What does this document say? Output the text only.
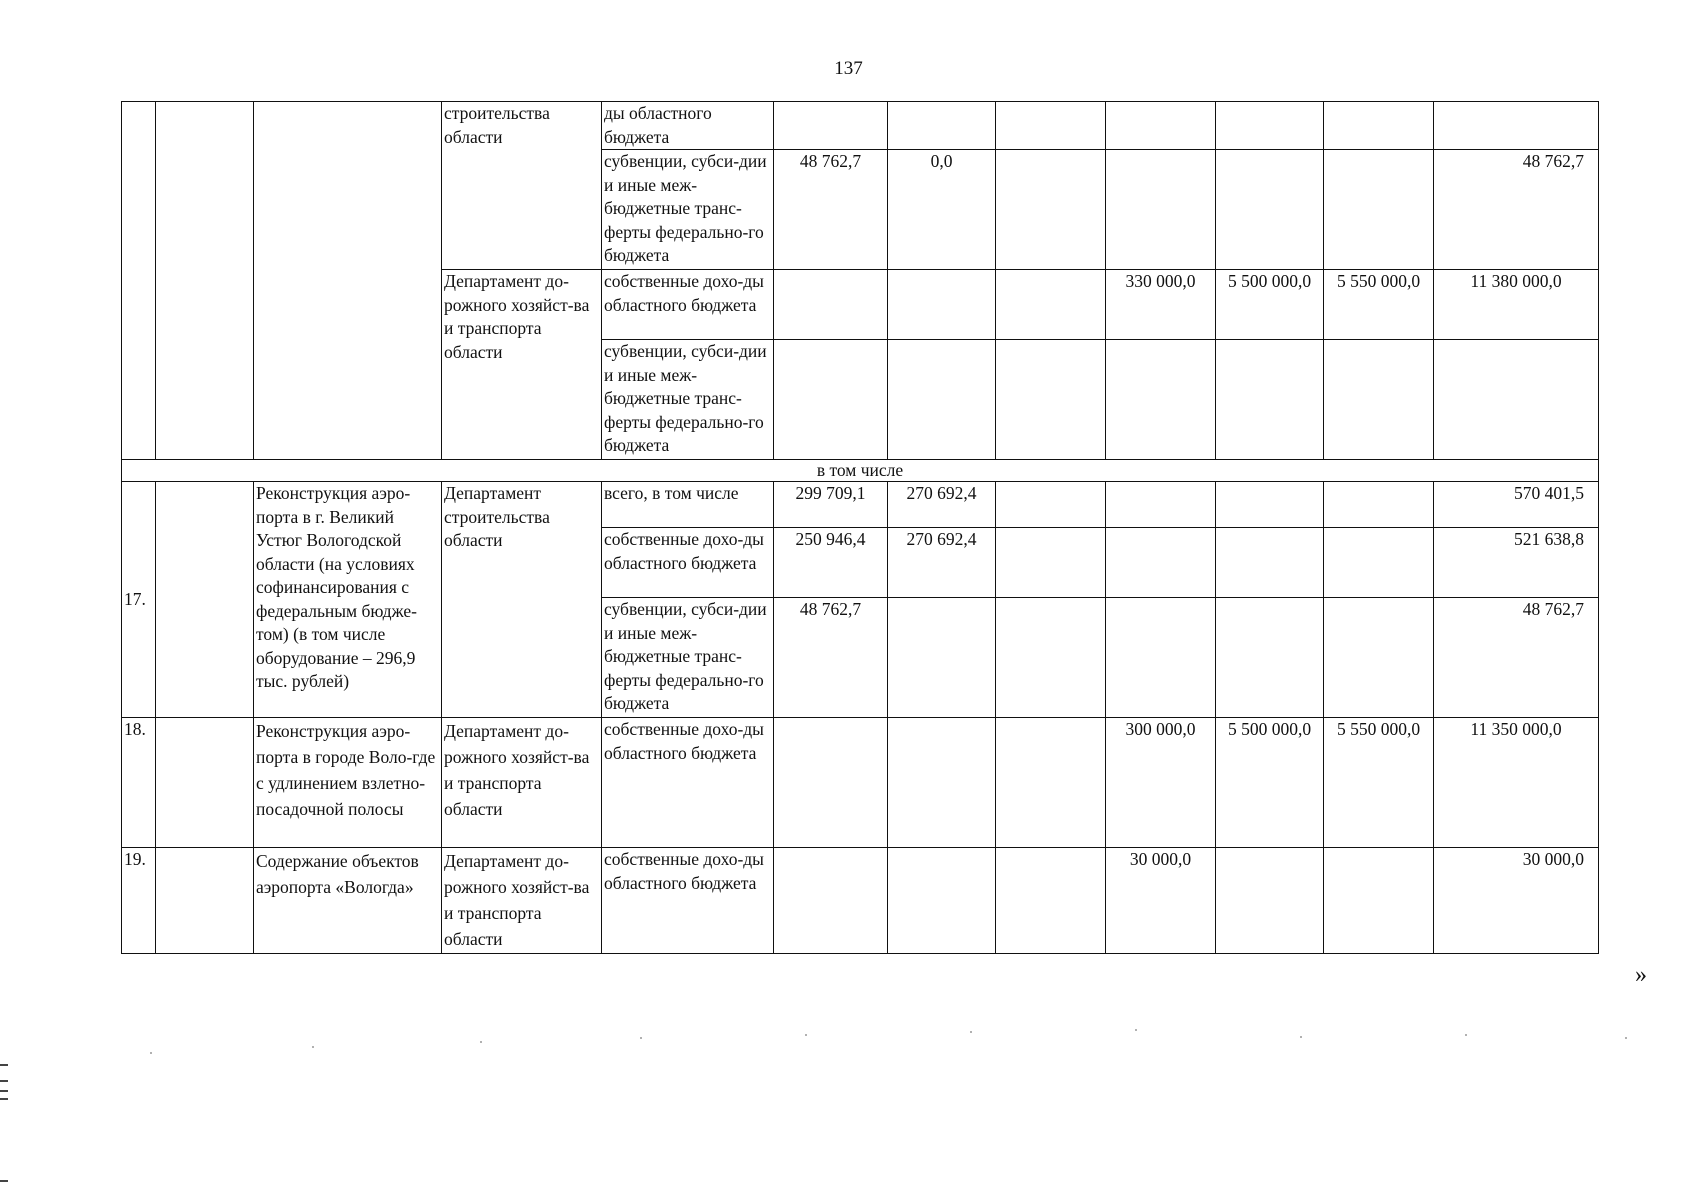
137
			строительства области	ды областного бюджета							
				субвенции, субси-дии и иные меж-бюджетные транс-ферты федерально-го бюджета	48 762,7	0,0					48 762,7
			Департамент до-рожного хозяйст-ва и транспорта области	собственные дохо-ды областного бюджета				330 000,0	5 500 000,0	5 550 000,0	11 380 000,0
				субвенции, субси-дии и иные меж-бюджетные транс-ферты федерально-го бюджета							
в том числе											
17.		Реконструкция аэро-порта в г. Великий Устюг Вологодской области (на условиях софинансирования с федеральным бюдже-том) (в том числе оборудование – 296,9 тыс. рублей)	Департамент строительства области	всего, в том числе	299 709,1	270 692,4					570 401,5
				собственные дохо-ды областного бюджета	250 946,4	270 692,4					521 638,8
				субвенции, субси-дии и иные меж-бюджетные транс-ферты федерально-го бюджета	48 762,7						48 762,7
18.		Реконструкция аэро-порта в городе Воло-где с удлинением взлетно-посадочной полосы	Департамент до-рожного хозяйст-ва и транспорта области	собственные дохо-ды областного бюджета				300 000,0	5 500 000,0	5 550 000,0	11 350 000,0
19.		Содержание объектов аэропорта «Вологда»	Департамент до-рожного хозяйст-ва и транспорта области	собственные дохо-ды областного бюджета				30 000,0			30 000,0
»
